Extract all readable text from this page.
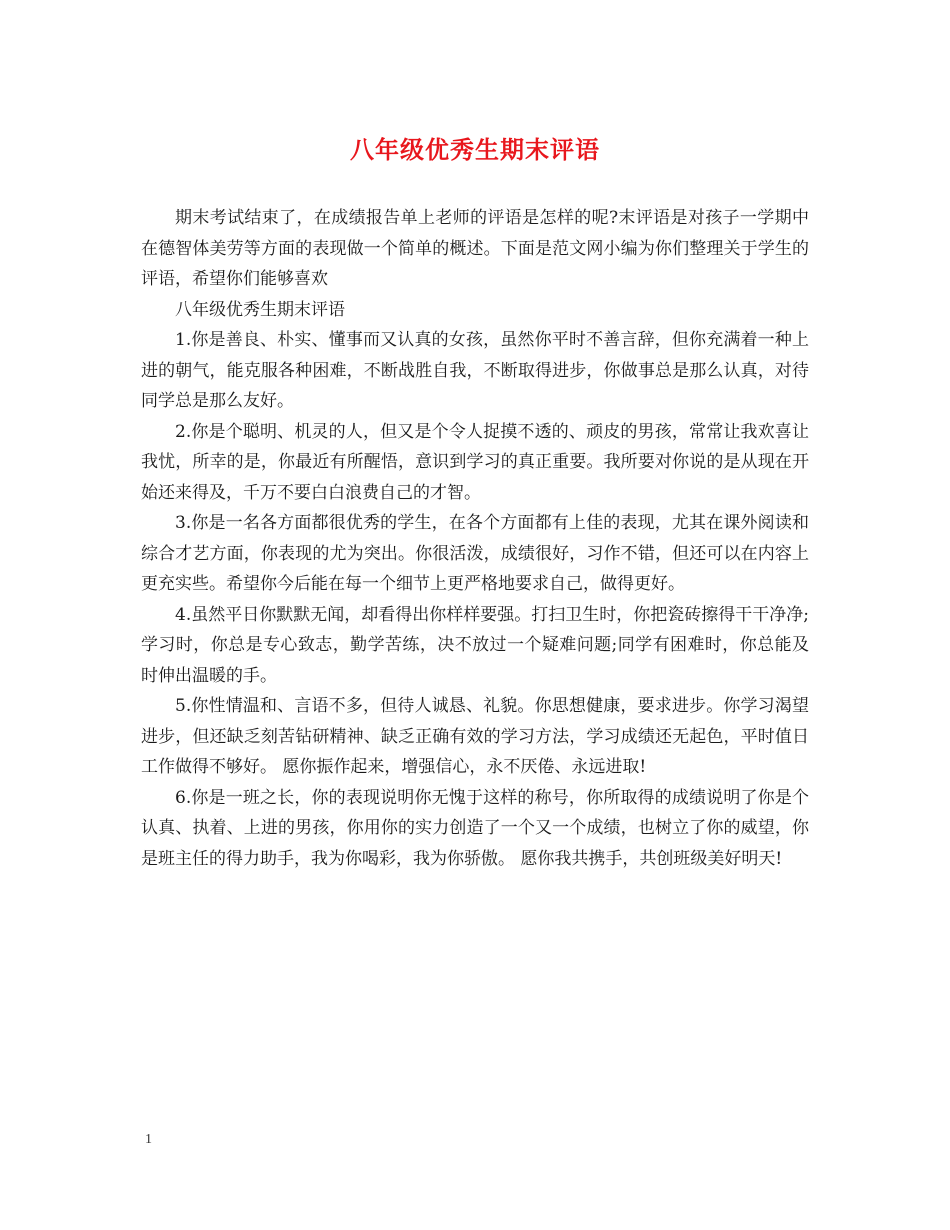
八年级优秀生期末评语

期末考试结束了，在成绩报告单上老师的评语是怎样的呢?末评语是对孩子一学期中在德智体美劳等方面的表现做一个简单的概述。下面是范文网小编为你们整理关于学生的评语，希望你们能够喜欢

八年级优秀生期末评语

1.你是善良、朴实、懂事而又认真的女孩，虽然你平时不善言辞，但你充满着一种上进的朝气，能克服各种困难，不断战胜自我，不断取得进步，你做事总是那么认真，对待同学总是那么友好。

2.你是个聪明、机灵的人，但又是个令人捉摸不透的、顽皮的男孩，常常让我欢喜让我忧，所幸的是，你最近有所醒悟，意识到学习的真正重要。我所要对你说的是从现在开始还来得及，千万不要白白浪费自己的才智。

3.你是一名各方面都很优秀的学生，在各个方面都有上佳的表现，尤其在课外阅读和综合才艺方面，你表现的尤为突出。你很活泼，成绩很好，习作不错，但还可以在内容上更充实些。希望你今后能在每一个细节上更严格地要求自己，做得更好。

4.虽然平日你默默无闻，却看得出你样样要强。打扫卫生时，你把瓷砖擦得干干净净;学习时，你总是专心致志，勤学苦练，决不放过一个疑难问题;同学有困难时，你总能及时伸出温暖的手。

5.你性情温和、言语不多，但待人诚恳、礼貌。你思想健康，要求进步。你学习渴望进步，但还缺乏刻苦钻研精神、缺乏正确有效的学习方法，学习成绩还无起色，平时值日工作做得不够好。 愿你振作起来，增强信心，永不厌倦、永远进取!

6.你是一班之长，你的表现说明你无愧于这样的称号，你所取得的成绩说明了你是个认真、执着、上进的男孩，你用你的实力创造了一个又一个成绩，也树立了你的威望，你是班主任的得力助手，我为你喝彩，我为你骄傲。 愿你我共携手，共创班级美好明天!

1
